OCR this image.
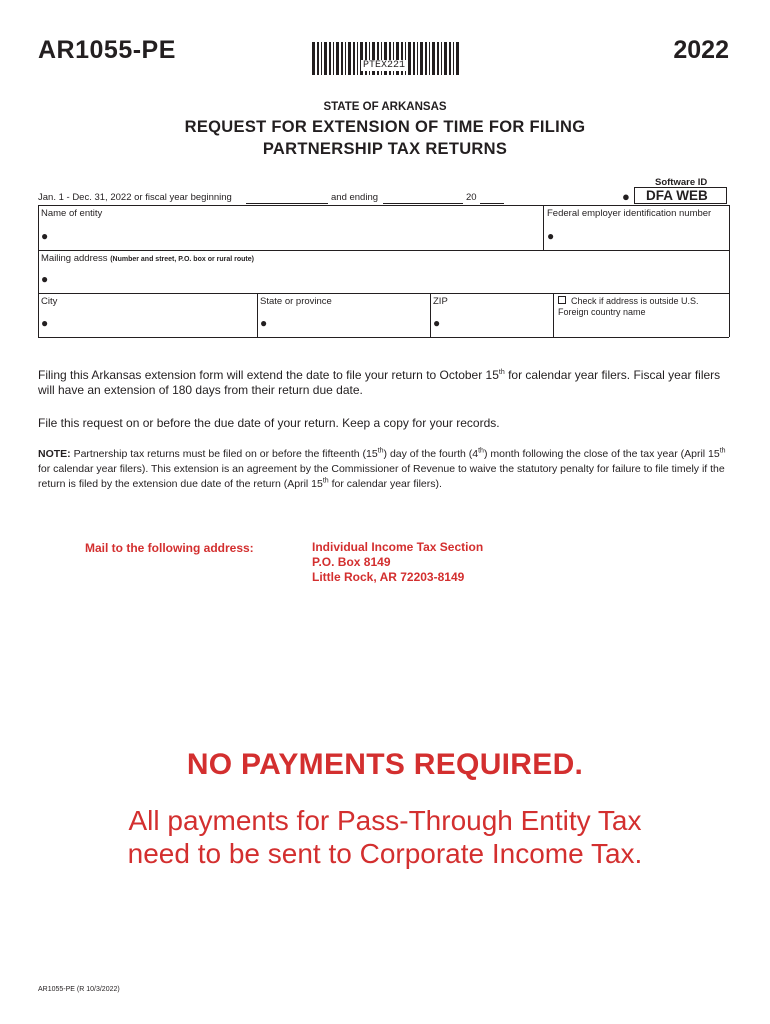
AR1055-PE	2022
PTEX221
STATE OF ARKANSAS
REQUEST FOR EXTENSION OF TIME FOR FILING
PARTNERSHIP TAX RETURNS
Software ID
● DFA WEB
Jan. 1 - Dec. 31, 2022 or fiscal year beginning	and ending	20
Name of entity
●
Federal employer identification number
●
Mailing address (Number and street, P.O. box or rural route)
●
City
●
State or province
●
ZIP
●
Check if address is outside U.S.
Foreign country name
Filing this Arkansas extension form will extend the date to file your return to October 15th for calendar year filers. Fiscal year filers will have an extension of 180 days from their return due date.
File this request on or before the due date of your return. Keep a copy for your records.
NOTE: Partnership tax returns must be filed on or before the fifteenth (15th) day of the fourth (4th) month following the close of the tax year (April 15th for calendar year filers). This extension is an agreement by the Commissioner of Revenue to waive the statutory penalty for failure to file timely if the return is filed by the extension due date of the return (April 15th for calendar year filers).
Mail to the following address:	Individual Income Tax Section
P.O. Box 8149
Little Rock, AR 72203-8149
NO PAYMENTS REQUIRED.
All payments for Pass-Through Entity Tax
need to be sent to Corporate Income Tax.
AR1055-PE (R 10/3/2022)
